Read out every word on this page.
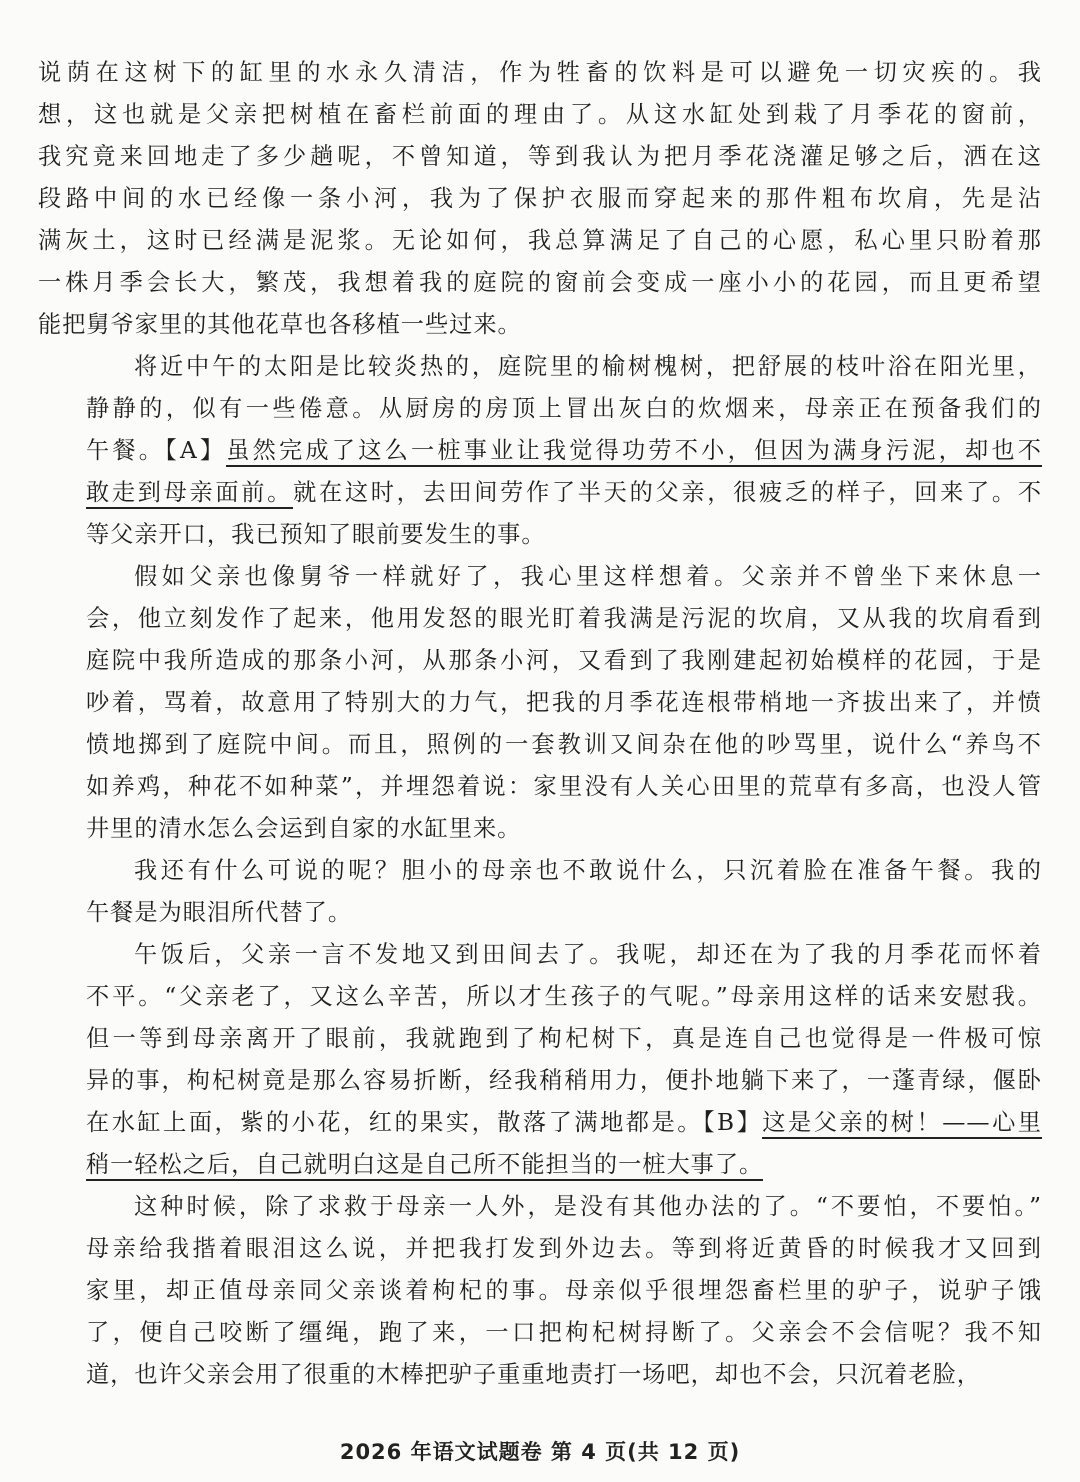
说荫在这树下的缸里的水永久清洁，作为牲畜的饮料是可以避免一切灾疾的。我
想，这也就是父亲把树植在畜栏前面的理由了。从这水缸处到栽了月季花的窗前，
我究竟来回地走了多少趟呢，不曾知道，等到我认为把月季花浇灌足够之后，洒在这
段路中间的水已经像一条小河，我为了保护衣服而穿起来的那件粗布坎肩，先是沾
满灰土，这时已经满是泥浆。无论如何，我总算满足了自己的心愿，私心里只盼着那
一株月季会长大，繁茂，我想着我的庭院的窗前会变成一座小小的花园，而且更希望
能把舅爷家里的其他花草也各移植一些过来。
将近中午的太阳是比较炎热的，庭院里的榆树槐树，把舒展的枝叶浴在阳光里，
静静的，似有一些倦意。从厨房的房顶上冒出灰白的炊烟来，母亲正在预备我们的
午餐。【A】虽然完成了这么一桩事业让我觉得功劳不小，但因为满身污泥，却也不
敢走到母亲面前。就在这时，去田间劳作了半天的父亲，很疲乏的样子，回来了。不
等父亲开口，我已预知了眼前要发生的事。
假如父亲也像舅爷一样就好了，我心里这样想着。父亲并不曾坐下来休息一
会，他立刻发作了起来，他用发怒的眼光盯着我满是污泥的坎肩，又从我的坎肩看到
庭院中我所造成的那条小河，从那条小河，又看到了我刚建起初始模样的花园，于是
吵着，骂着，故意用了特别大的力气，把我的月季花连根带梢地一齐拔出来了，并愤
愤地掷到了庭院中间。而且，照例的一套教训又间杂在他的吵骂里，说什么“养鸟不
如养鸡，种花不如种菜”，并埋怨着说：家里没有人关心田里的荒草有多高，也没人管
井里的清水怎么会运到自家的水缸里来。
我还有什么可说的呢？胆小的母亲也不敢说什么，只沉着脸在准备午餐。我的
午餐是为眼泪所代替了。
午饭后，父亲一言不发地又到田间去了。我呢，却还在为了我的月季花而怀着
不平。“父亲老了，又这么辛苦，所以才生孩子的气呢。”母亲用这样的话来安慰我。
但一等到母亲离开了眼前，我就跑到了枸杞树下，真是连自己也觉得是一件极可惊
异的事，枸杞树竟是那么容易折断，经我稍稍用力，便扑地躺下来了，一蓬青绿，偃卧
在水缸上面，紫的小花，红的果实，散落了满地都是。【B】这是父亲的树！——心里
稍一轻松之后，自己就明白这是自己所不能担当的一桩大事了。
这种时候，除了求救于母亲一人外，是没有其他办法的了。“不要怕，不要怕。”
母亲给我揩着眼泪这么说，并把我打发到外边去。等到将近黄昏的时候我才又回到
家里，却正值母亲同父亲谈着枸杞的事。母亲似乎很埋怨畜栏里的驴子，说驴子饿
了，便自己咬断了缰绳，跑了来，一口把枸杞树挦断了。父亲会不会信呢？我不知
道，也许父亲会用了很重的木棒把驴子重重地责打一场吧，却也不会，只沉着老脸，
2026 年语文试题卷 第 4 页(共 12 页)
